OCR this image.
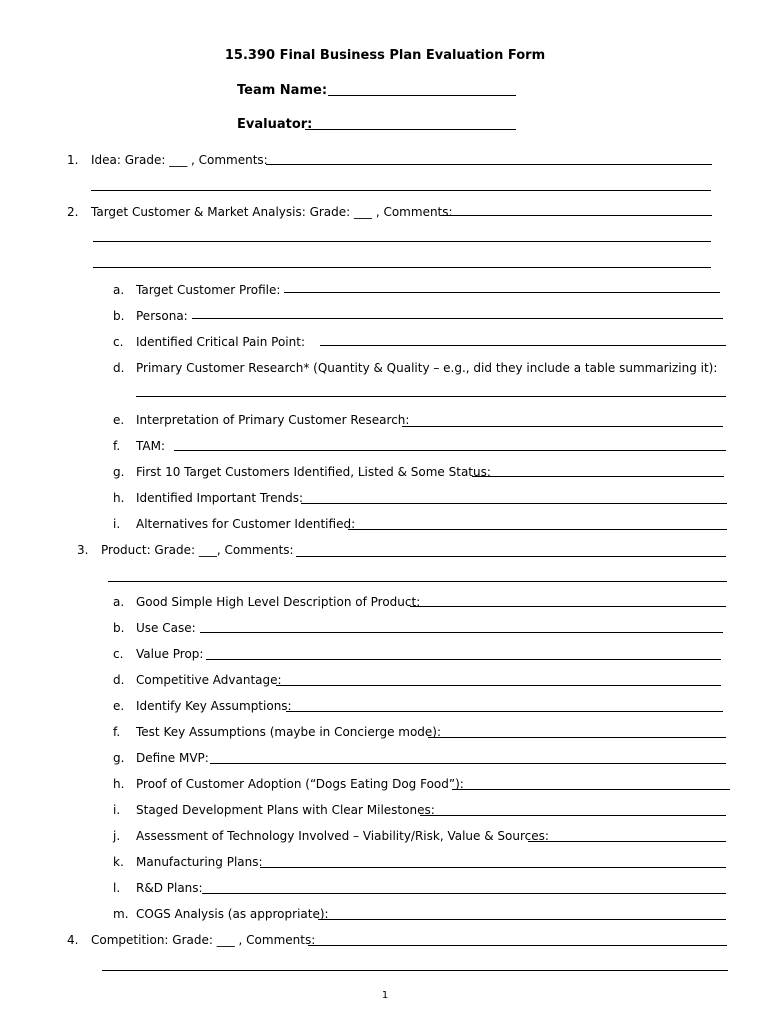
15.390 Final Business Plan Evaluation Form
Team Name:
Evaluator:
1. Idea: Grade: ___ , Comments:
2. Target Customer & Market Analysis: Grade: ___ , Comments:
a. Target Customer Profile:
b. Persona:
c. Identified Critical Pain Point:
d. Primary Customer Research* (Quantity & Quality – e.g., did they include a table summarizing it):
e. Interpretation of Primary Customer Research:
f. TAM:
g. First 10 Target Customers Identified, Listed & Some Status:
h. Identified Important Trends:
i. Alternatives for Customer Identified:
3. Product: Grade: ___, Comments:
a. Good Simple High Level Description of Product:
b. Use Case:
c. Value Prop:
d. Competitive Advantage:
e. Identify Key Assumptions:
f. Test Key Assumptions (maybe in Concierge mode):
g. Define MVP:
h. Proof of Customer Adoption (“Dogs Eating Dog Food”):
i. Staged Development Plans with Clear Milestones:
j. Assessment of Technology Involved – Viability/Risk, Value & Sources:
k. Manufacturing Plans:
l. R&D Plans:
m. COGS Analysis (as appropriate):
4. Competition: Grade: ___ , Comments:
1
